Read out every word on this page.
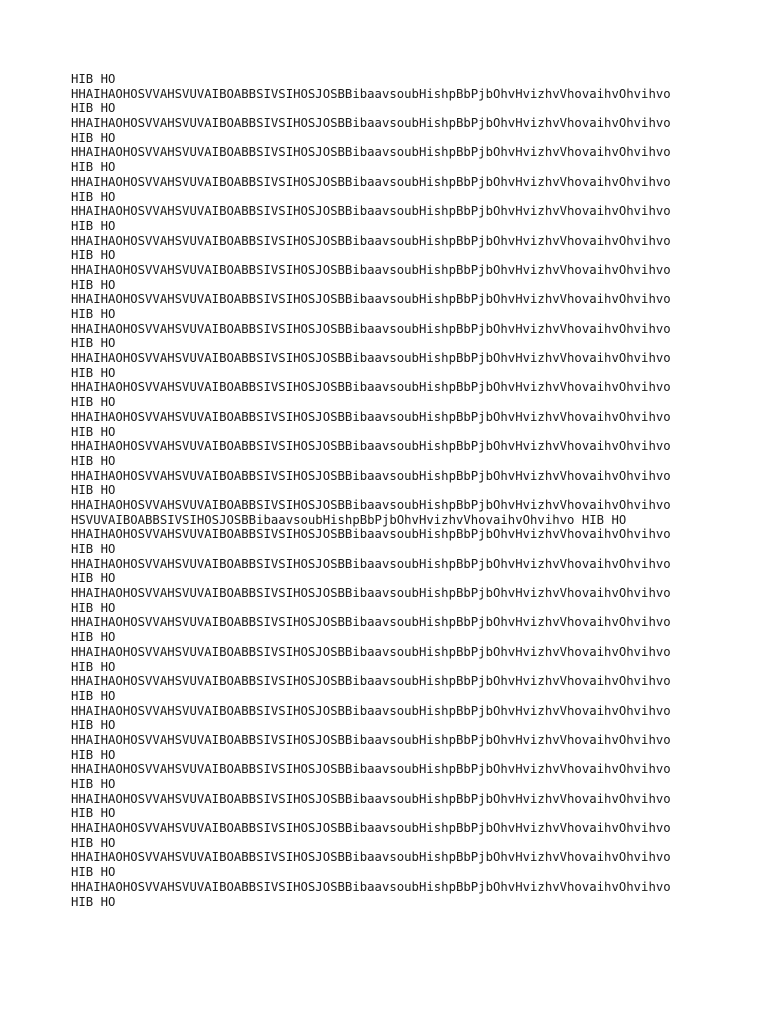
HIB HO
HHAIHAOHOSVVAHSVUVAIBOABBSIVSIHOSJOSBBibaavsoubHishpBbPjbOhvHvizhvVhovaihvOhvihvo
HIB HO
HHAIHAOHOSVVAHSVUVAIBOABBSIVSIHOSJOSBBibaavsoubHishpBbPjbOhvHvizhvVhovaihvOhvihvo
HIB HO
HHAIHAOHOSVVAHSVUVAIBOABBSIVSIHOSJOSBBibaavsoubHishpBbPjbOhvHvizhvVhovaihvOhvihvo
HIB HO
HHAIHAOHOSVVAHSVUVAIBOABBSIVSIHOSJOSBBibaavsoubHishpBbPjbOhvHvizhvVhovaihvOhvihvo
HIB HO
HHAIHAOHOSVVAHSVUVAIBOABBSIVSIHOSJOSBBibaavsoubHishpBbPjbOhvHvizhvVhovaihvOhvihvo
HIB HO
HHAIHAOHOSVVAHSVUVAIBOABBSIVSIHOSJOSBBibaavsoubHishpBbPjbOhvHvizhvVhovaihvOhvihvo
HIB HO
HHAIHAOHOSVVAHSVUVAIBOABBSIVSIHOSJOSBBibaavsoubHishpBbPjbOhvHvizhvVhovaihvOhvihvo
HIB HO
HHAIHAOHOSVVAHSVUVAIBOABBSIVSIHOSJOSBBibaavsoubHishpBbPjbOhvHvizhvVhovaihvOhvihvo
HIB HO
HHAIHAOHOSVVAHSVUVAIBOABBSIVSIHOSJOSBBibaavsoubHishpBbPjbOhvHvizhvVhovaihvOhvihvo
HIB HO
HHAIHAOHOSVVAHSVUVAIBOABBSIVSIHOSJOSBBibaavsoubHishpBbPjbOhvHvizhvVhovaihvOhvihvo
HIB HO
HHAIHAOHOSVVAHSVUVAIBOABBSIVSIHOSJOSBBibaavsoubHishpBbPjbOhvHvizhvVhovaihvOhvihvo
HIB HO
HHAIHAOHOSVVAHSVUVAIBOABBSIVSIHOSJOSBBibaavsoubHishpBbPjbOhvHvizhvVhovaihvOhvihvo
HIB HO
HHAIHAOHOSVVAHSVUVAIBOABBSIVSIHOSJOSBBibaavsoubHishpBbPjbOhvHvizhvVhovaihvOhvihvo
HIB HO
HHAIHAOHOSVVAHSVUVAIBOABBSIVSIHOSJOSBBibaavsoubHishpBbPjbOhvHvizhvVhovaihvOhvihvo
HIB HO
HHAIHAOHOSVVAHSVUVAIBOABBSIVSIHOSJOSBBibaavsoubHishpBbPjbOhvHvizhvVhovaihvOhvihvo
HSVUVAIBOABBSIVSIHOSJOSBBibaavsoubHishpBbPjbOhvHvizhvVhovaihvOhvihvo HIB HO
HHAIHAOHOSVVAHSVUVAIBOABBSIVSIHOSJOSBBibaavsoubHishpBbPjbOhvHvizhvVhovaihvOhvihvo
HIB HO
HHAIHAOHOSVVAHSVUVAIBOABBSIVSIHOSJOSBBibaavsoubHishpBbPjbOhvHvizhvVhovaihvOhvihvo
HIB HO
HHAIHAOHOSVVAHSVUVAIBOABBSIVSIHOSJOSBBibaavsoubHishpBbPjbOhvHvizhvVhovaihvOhvihvo
HIB HO
HHAIHAOHOSVVAHSVUVAIBOABBSIVSIHOSJOSBBibaavsoubHishpBbPjbOhvHvizhvVhovaihvOhvihvo
HIB HO
HHAIHAOHOSVVAHSVUVAIBOABBSIVSIHOSJOSBBibaavsoubHishpBbPjbOhvHvizhvVhovaihvOhvihvo
HIB HO
HHAIHAOHOSVVAHSVUVAIBOABBSIVSIHOSJOSBBibaavsoubHishpBbPjbOhvHvizhvVhovaihvOhvihvo
HIB HO
HHAIHAOHOSVVAHSVUVAIBOABBSIVSIHOSJOSBBibaavsoubHishpBbPjbOhvHvizhvVhovaihvOhvihvo
HIB HO
HHAIHAOHOSVVAHSVUVAIBOABBSIVSIHOSJOSBBibaavsoubHishpBbPjbOhvHvizhvVhovaihvOhvihvo
HIB HO
HHAIHAOHOSVVAHSVUVAIBOABBSIVSIHOSJOSBBibaavsoubHishpBbPjbOhvHvizhvVhovaihvOhvihvo
HIB HO
HHAIHAOHOSVVAHSVUVAIBOABBSIVSIHOSJOSBBibaavsoubHishpBbPjbOhvHvizhvVhovaihvOhvihvo
HIB HO
HHAIHAOHOSVVAHSVUVAIBOABBSIVSIHOSJOSBBibaavsoubHishpBbPjbOhvHvizhvVhovaihvOhvihvo
HIB HO
HHAIHAOHOSVVAHSVUVAIBOABBSIVSIHOSJOSBBibaavsoubHishpBbPjbOhvHvizhvVhovaihvOhvihvo
HIB HO
HHAIHAOHOSVVAHSVUVAIBOABBSIVSIHOSJOSBBibaavsoubHishpBbPjbOhvHvizhvVhovaihvOhvihvo
HIB HO
